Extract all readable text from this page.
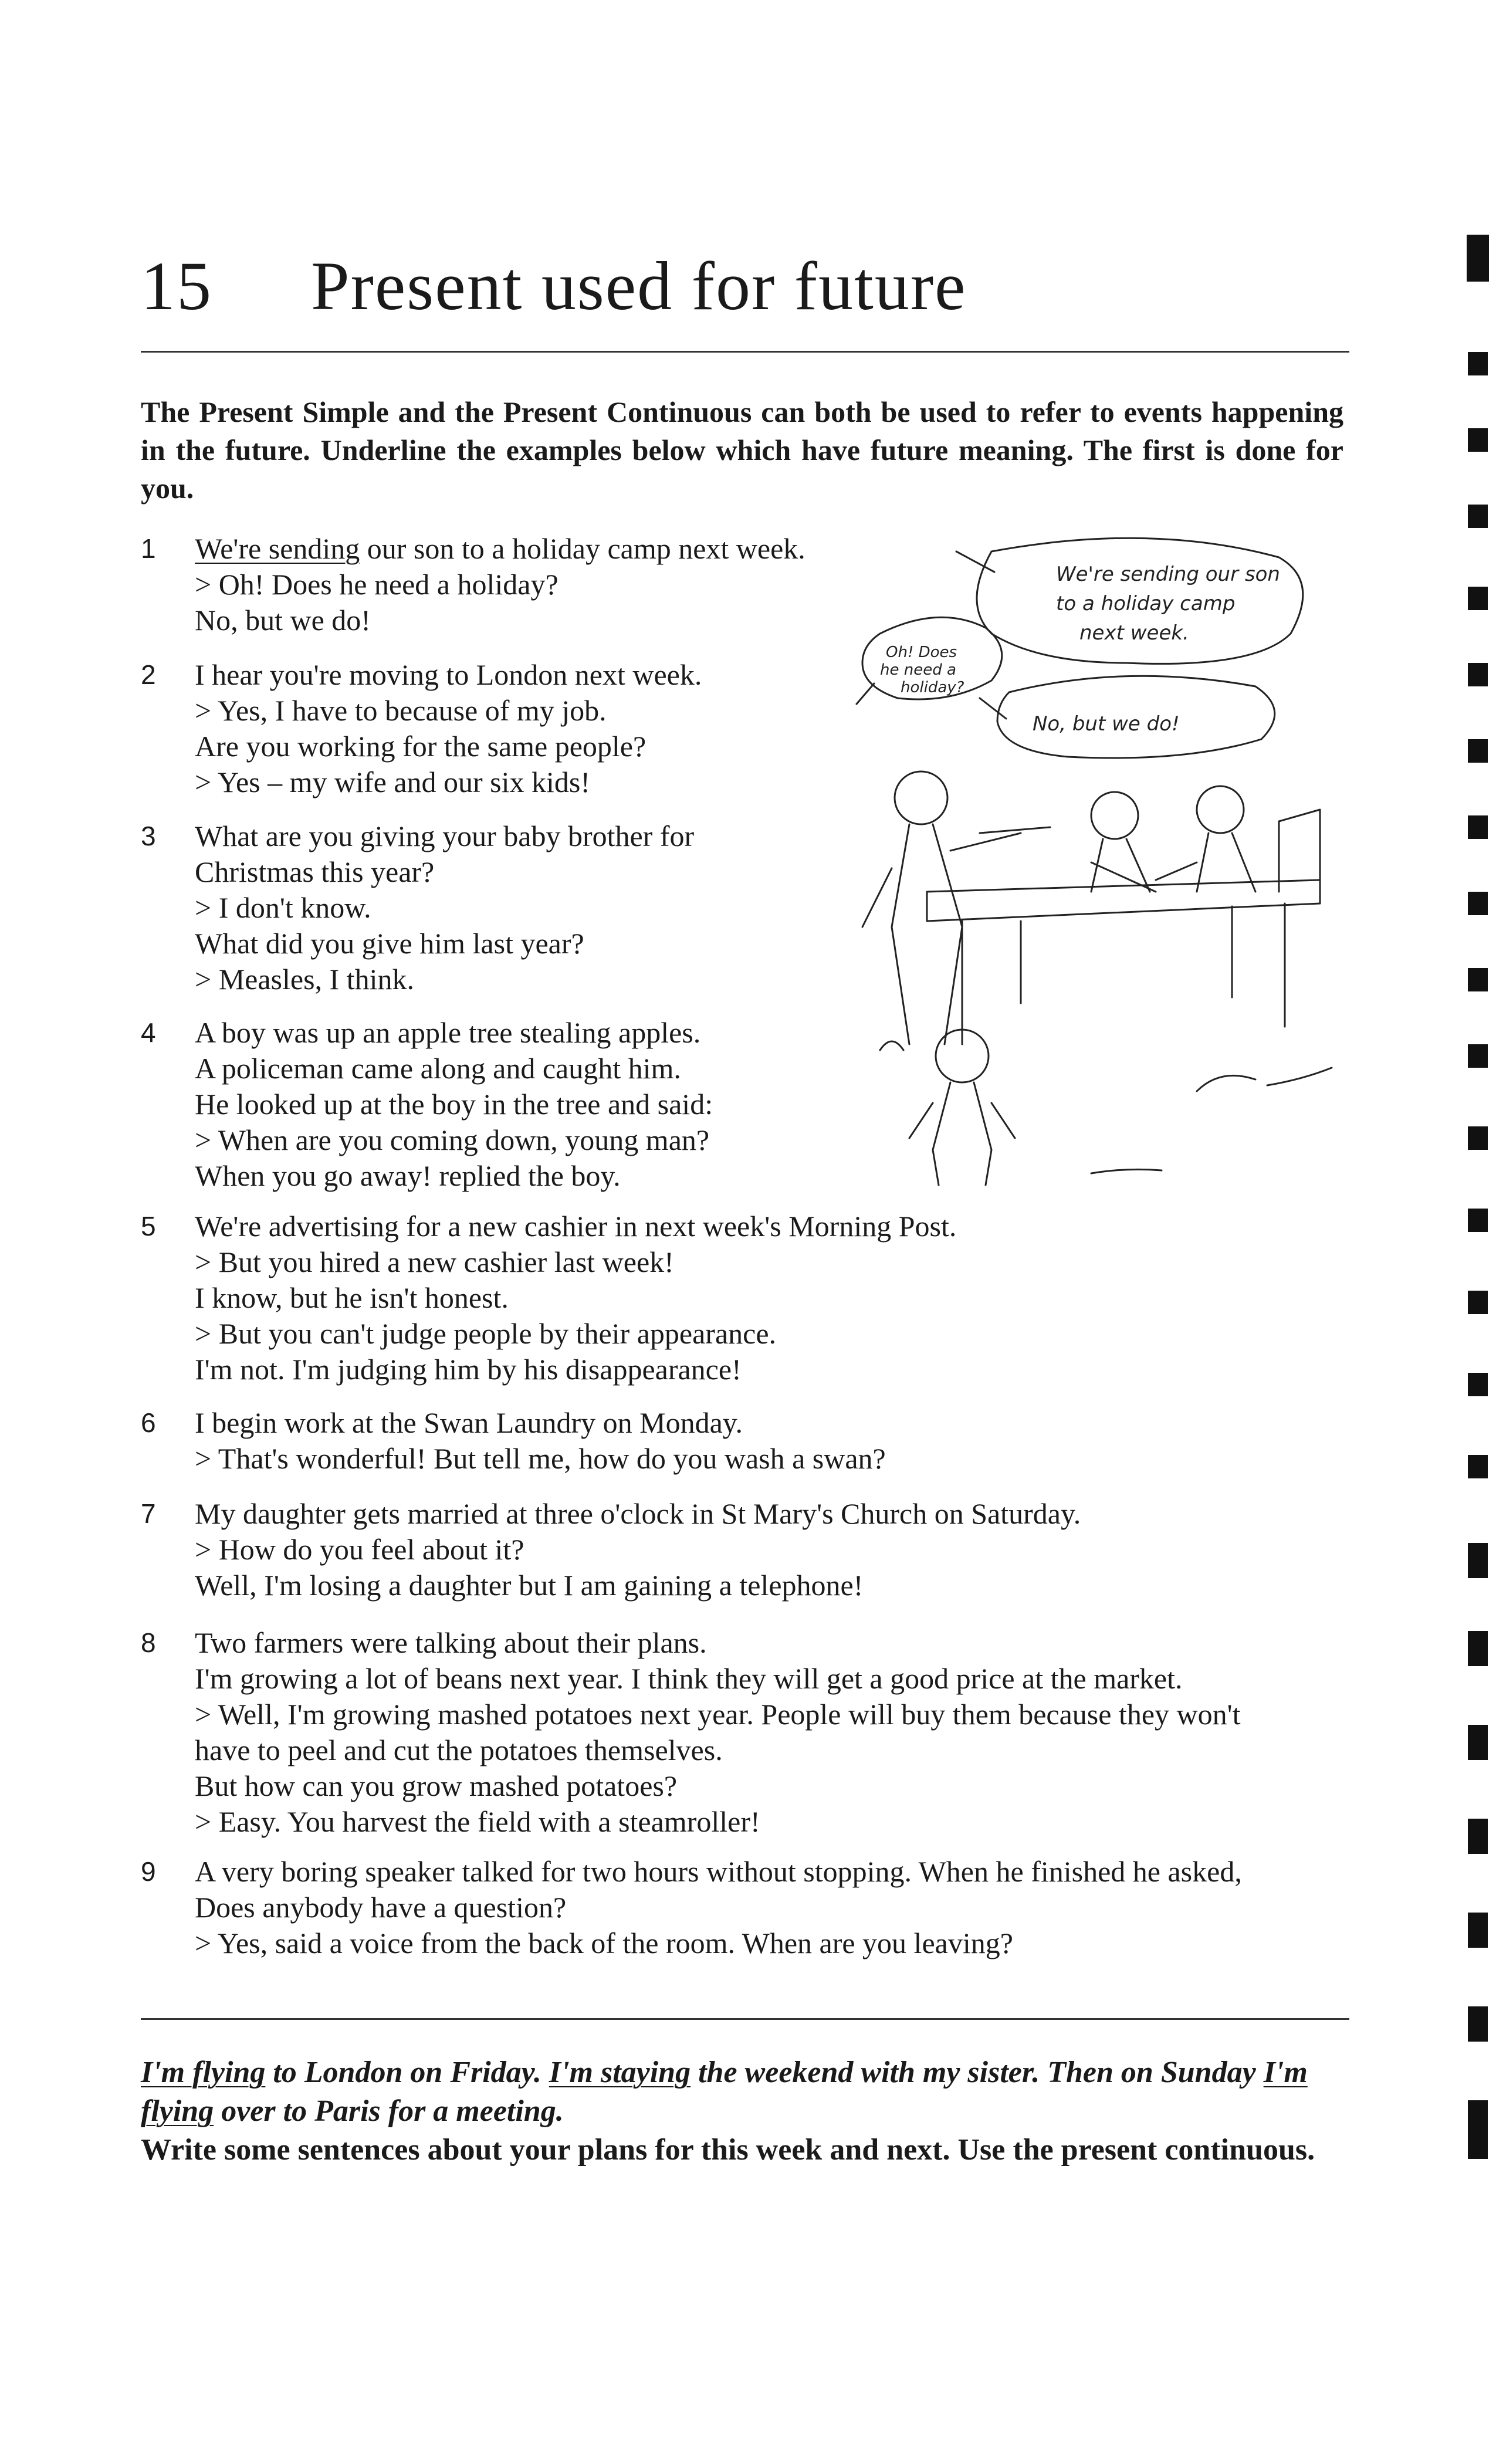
15 Present used for future
The Present Simple and the Present Continuous can both be used to refer to events happening in the future. Underline the examples below which have future meaning. The first is done for you.
1	We're sending our son to a holiday camp next week.
> Oh! Does he need a holiday?
No, but we do!
2	I hear you're moving to London next week.
> Yes, I have to because of my job.
Are you working for the same people?
> Yes – my wife and our six kids!
3	What are you giving your baby brother for
Christmas this year?
> I don't know.
What did you give him last year?
> Measles, I think.
4	A boy was up an apple tree stealing apples.
A policeman came along and caught him.
He looked up at the boy in the tree and said:
> When are you coming down, young man?
When you go away! replied the boy.
5	We're advertising for a new cashier in next week's Morning Post.
> But you hired a new cashier last week!
I know, but he isn't honest.
> But you can't judge people by their appearance.
I'm not. I'm judging him by his disappearance!
6	I begin work at the Swan Laundry on Monday.
> That's wonderful! But tell me, how do you wash a swan?
7	My daughter gets married at three o'clock in St Mary's Church on Saturday.
> How do you feel about it?
Well, I'm losing a daughter but I am gaining a telephone!
8	Two farmers were talking about their plans.
I'm growing a lot of beans next year. I think they will get a good price at the market.
> Well, I'm growing mashed potatoes next year. People will buy them because they won't
have to peel and cut the potatoes themselves.
But how can you grow mashed potatoes?
> Easy. You harvest the field with a steamroller!
9	A very boring speaker talked for two hours without stopping. When he finished he asked,
Does anybody have a question?
> Yes, said a voice from the back of the room. When are you leaving?
I'm flying to London on Friday. I'm staying the weekend with my sister. Then on Sunday I'm flying over to Paris for a meeting.
Write some sentences about your plans for this week and next. Use the present continuous.
We're sending our son
to a holiday camp
next week.
Oh! Does
he need a
holiday?
No, but we do!
